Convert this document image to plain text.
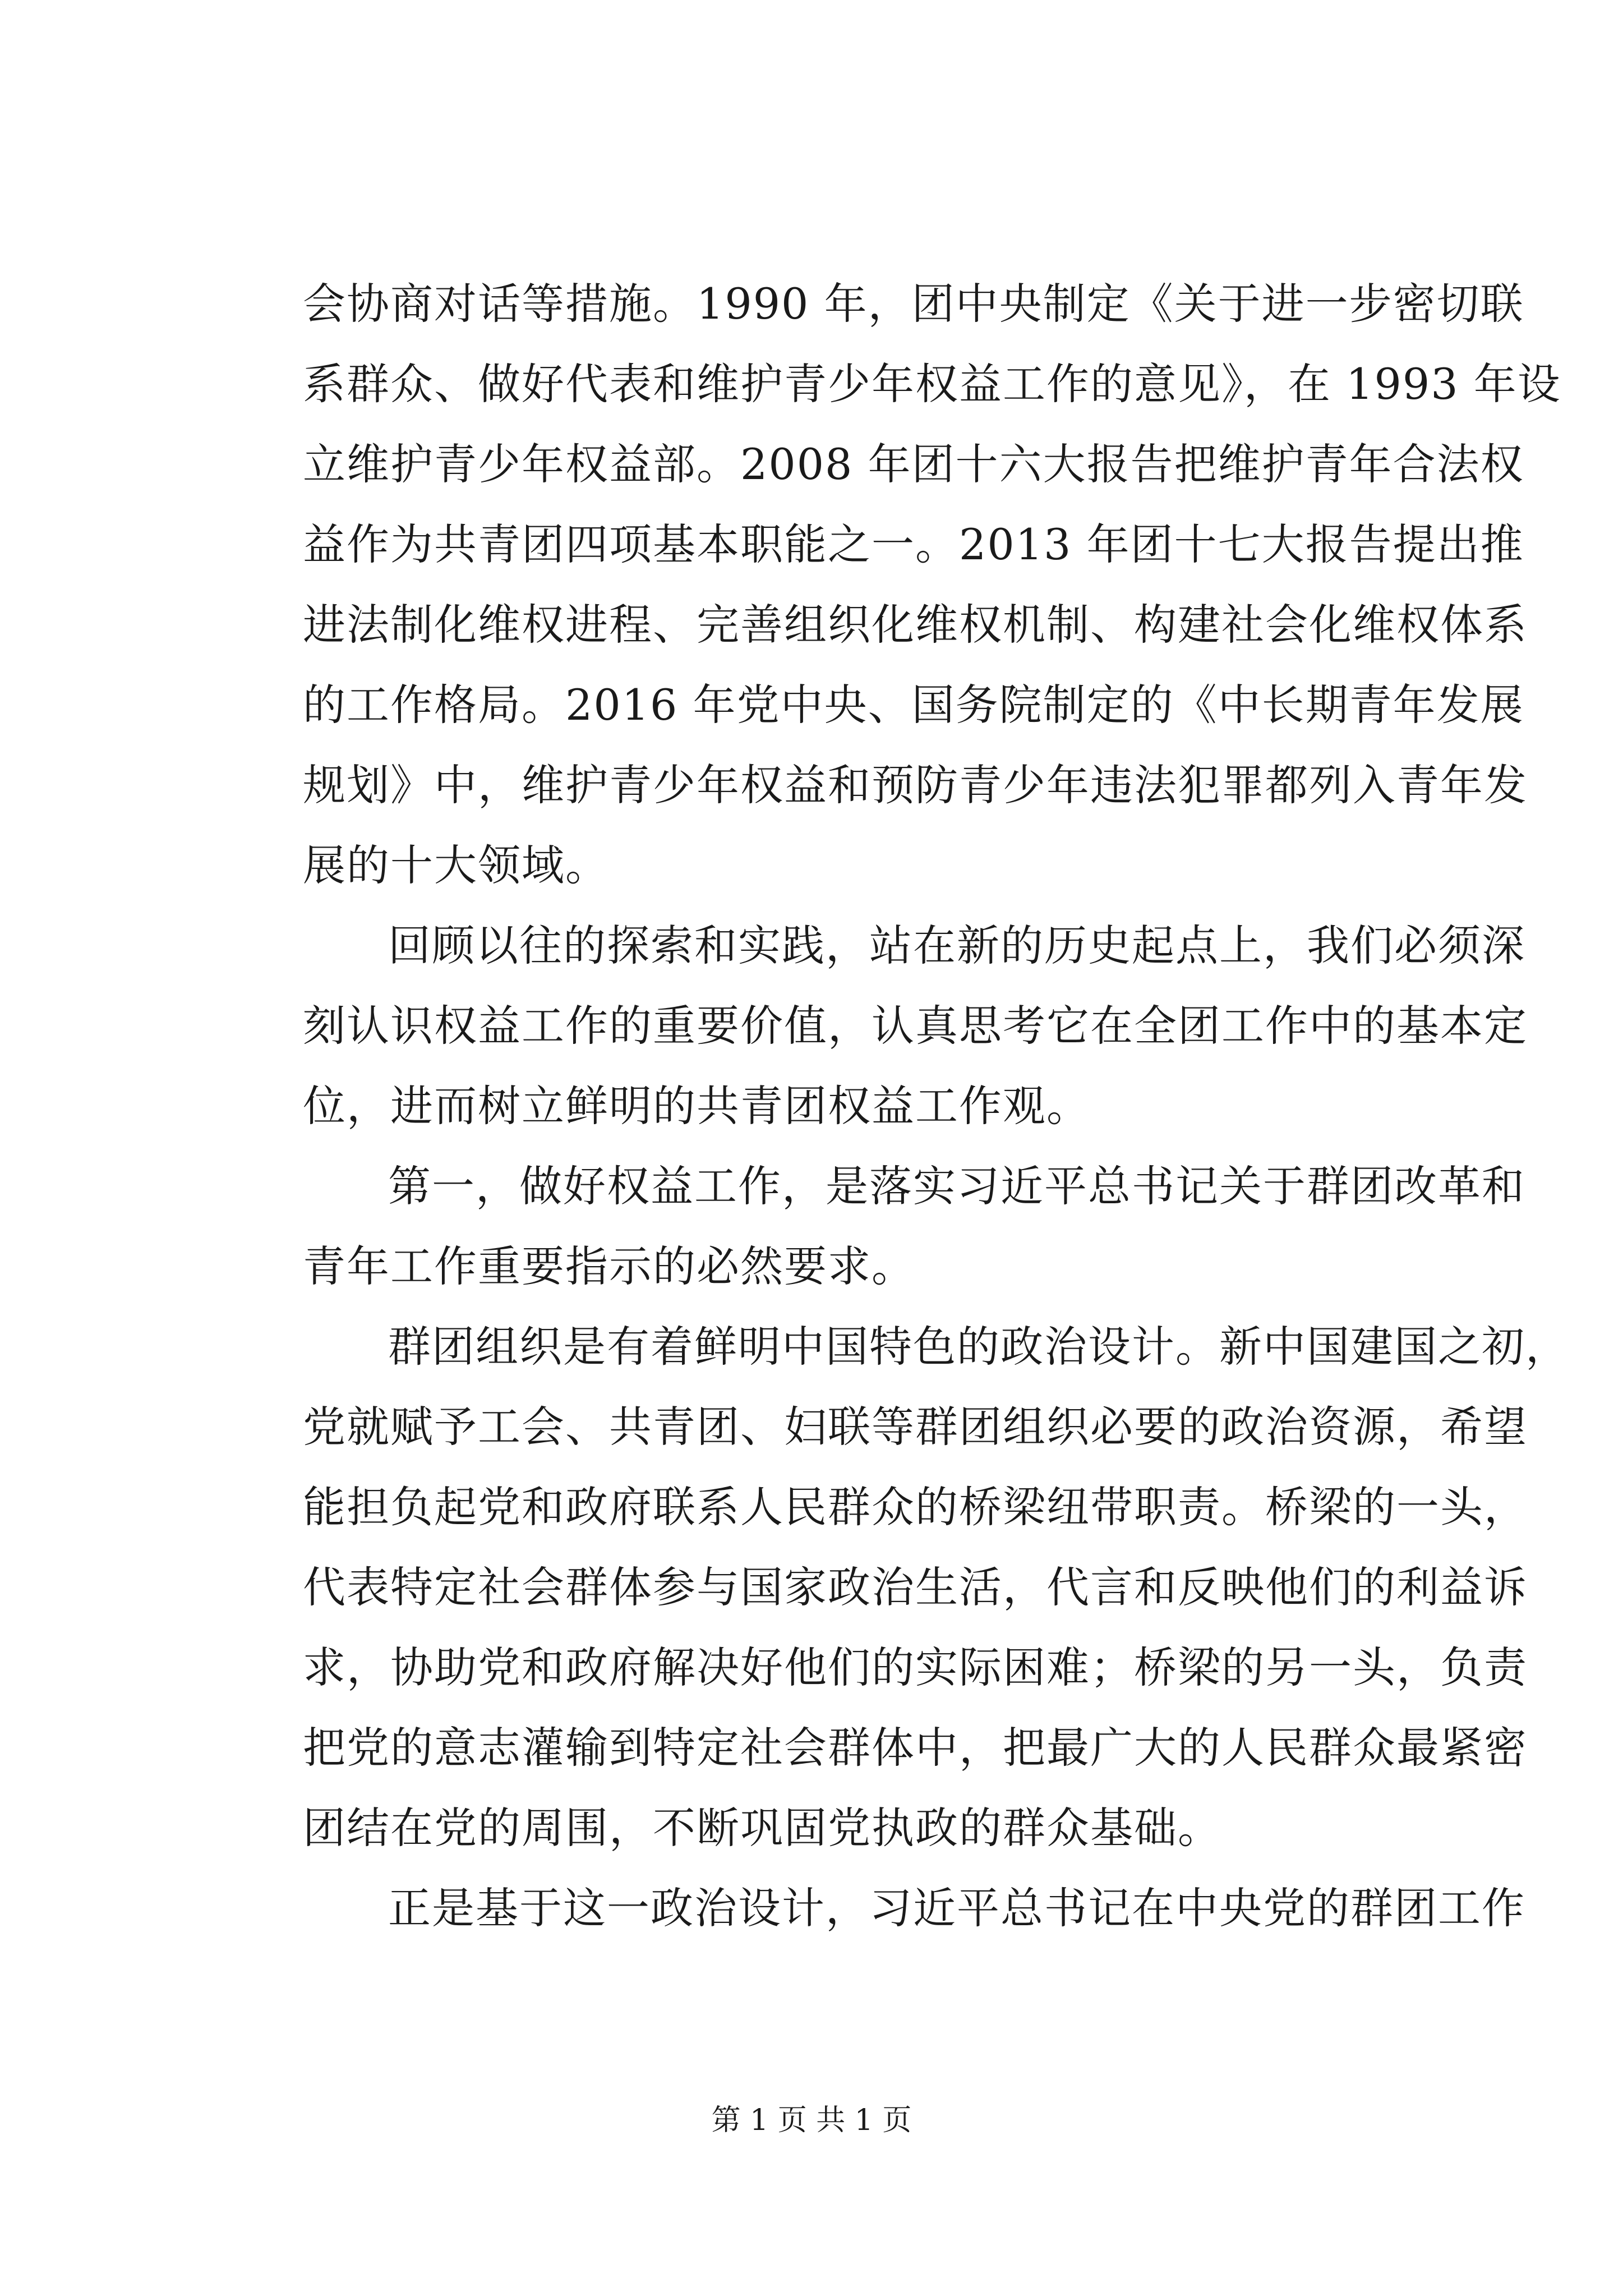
会协商对话等措施。1990 年，团中央制定《关于进一步密切联
系群众、做好代表和维护青少年权益工作的意见》，在 1993 年设
立维护青少年权益部。2008 年团十六大报告把维护青年合法权
益作为共青团四项基本职能之一。2013 年团十七大报告提出推
进法制化维权进程、完善组织化维权机制、构建社会化维权体系
的工作格局。2016 年党中央、国务院制定的《中长期青年发展
规划》中，维护青少年权益和预防青少年违法犯罪都列入青年发
展的十大领域。
回顾以往的探索和实践，站在新的历史起点上，我们必须深
刻认识权益工作的重要价值，认真思考它在全团工作中的基本定
位，进而树立鲜明的共青团权益工作观。
第一，做好权益工作，是落实习近平总书记关于群团改革和
青年工作重要指示的必然要求。
群团组织是有着鲜明中国特色的政治设计。新中国建国之初，
党就赋予工会、共青团、妇联等群团组织必要的政治资源，希望
能担负起党和政府联系人民群众的桥梁纽带职责。桥梁的一头，
代表特定社会群体参与国家政治生活，代言和反映他们的利益诉
求，协助党和政府解决好他们的实际困难；桥梁的另一头，负责
把党的意志灌输到特定社会群体中，把最广大的人民群众最紧密
团结在党的周围，不断巩固党执政的群众基础。
正是基于这一政治设计，习近平总书记在中央党的群团工作
第 1 页 共 1 页
